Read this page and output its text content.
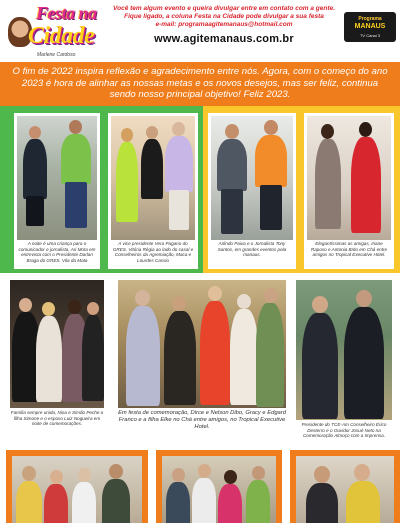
Festa na
Cidade
Marlene Cardoso
Você tem algum evento e queira divulgar entre em contato com a gente.
Fique ligado, a coluna Festa na Cidade pode divulgar a sua festa
e-mail: programaagitemanaus@hotmail.com
www.agitemanaus.com.br
Programa
MANAUS
TV Canal 3

O fim de 2022 inspira reflexão e agradecimento entre nós. Agora, com o começo do ano 2023 é hora de alinhar as nossas metas e os novos desejos, mas ser feliz, continua sendo nosso principal objetivo! Feliz 2023.

A noite é uma criança para o comunicador e jornalista, Ari Mota em entrevista com o Presidente Darlan Braga do GRES. Vila da Mata
A vice presidente Vera Pagano do GRES. Vitória Régia ao lado do casal e Conselheiros da Agremiação, Maca e Lourdes Cassio
Arlindo Paiva e o Jornalista Tony Santos, em grandes eventos pela manaus.
Elegantíssimas as amigas, Iriane Raposo e Antonia Brito em Chá entre amigos no Tropical Executive Hotel.
Família sempre unida, Nina e Simão Peche a filha Simone e o esposo Luiz Nogueira em noite de comemorações.
Em festa de comemoração, Dirce e Nelson Dibo, Gracy e Edgard Franco e a filha Elke no Chá entre amigos, no Tropical Executive Hotel.	Presidente do TCE-Am Conselheiro Érico Desterro e o Ouvidor Josué Neto na Comemoração Almoço com a Imprensa.
